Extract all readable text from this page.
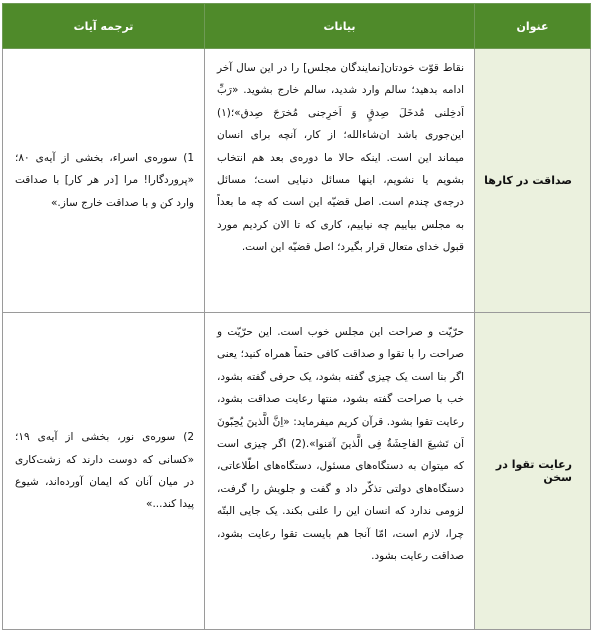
عنوان	بیانات	ترجمه آیات
صداقت در کارها	نقاط قوّت خودتان[نمایندگان مجلس] را در این سال آخر ادامه بدهید؛ سالم وارد شدید، سالم خارج بشوید. «رَبِّ اَدخِلنی مُدخَلَ صِدقٍ وَ اَخرِجنی مُخرَجَ صِدق»؛(۱) این‌جوری باشد ان‌شاءالله؛ از کار، آنچه برای انسان میماند این است. اینکه حالا ما دوره‌ی بعد هم انتخاب بشویم یا نشویم، اینها مسائل دنیایی است؛ مسائل درجه‌ی چندم است. اصل قضیّه این است که چه ما بعداً به مجلس بیاییم چه نیاییم، کاری که تا الان کردیم مورد قبول خدای متعال قرار بگیرد؛ اصل قضیّه این است.	1) سوره‌ی اسراء، بخشی از آیه‌ی ۸۰؛ «پروردگارا! مرا [در هر کار] با صداقت وارد کن و با صداقت خارج ساز.»

رعایت تقوا در سخن	حرّیّت و صراحت این مجلس خوب است. این حرّیّت و صراحت را با تقوا و صداقت کافی حتماً همراه کنید؛ یعنی اگر بنا است یک چیزی گفته بشود، یک حرفی گفته بشود، خب با صراحت گفته بشود، منتها رعایت صداقت بشود، رعایت تقوا بشود. قرآن کریم میفرماید: «اِنَّ الَّذینَ یُحِبّونَ اَن تَشیعَ الفاحِشَةُ فِی الَّذینَ آمَنوا».(2) اگر چیزی است که میتوان به دستگاه‌های مسئول، دستگاه‌های اطّلاعاتی، دستگاه‌های دولتی تذکّر داد و گفت و جلویش را گرفت، لزومی ندارد که انسان این را علنی بکند. یک جایی البتّه چرا، لازم است، امّا آنجا هم بایست تقوا رعایت بشود، صداقت رعایت بشود.	2) سوره‌ی نور، بخشی از آیه‌ی ۱۹؛ «کسانی که دوست دارند که زشت‌کاری در میان آنان که ایمان آورده‌اند، شیوع پیدا کند...»
